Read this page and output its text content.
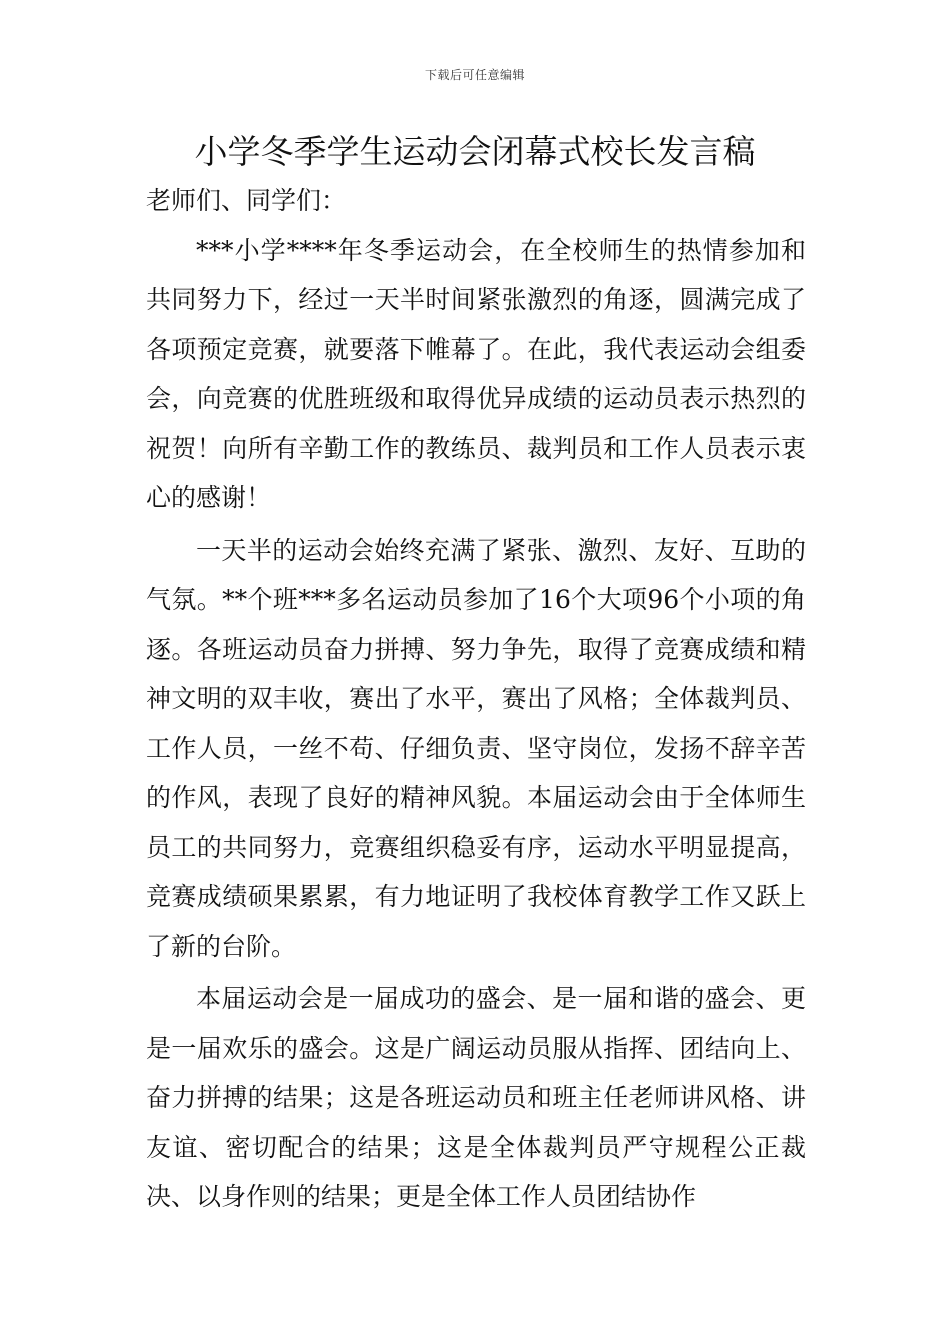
下载后可任意编辑
小学冬季学生运动会闭幕式校长发言稿

老师们、同学们：

***小学****年冬季运动会，在全校师生的热情参加和共同努力下，经过一天半时间紧张激烈的角逐，圆满完成了各项预定竞赛，就要落下帷幕了。在此，我代表运动会组委会，向竞赛的优胜班级和取得优异成绩的运动员表示热烈的祝贺！向所有辛勤工作的教练员、裁判员和工作人员表示衷心的感谢！

一天半的运动会始终充满了紧张、激烈、友好、互助的气氛。**个班***多名运动员参加了16个大项96个小项的角逐。各班运动员奋力拼搏、努力争先，取得了竞赛成绩和精神文明的双丰收，赛出了水平，赛出了风格；全体裁判员、工作人员，一丝不苟、仔细负责、坚守岗位，发扬不辞辛苦的作风，表现了良好的精神风貌。本届运动会由于全体师生员工的共同努力，竞赛组织稳妥有序，运动水平明显提高，竞赛成绩硕果累累，有力地证明了我校体育教学工作又跃上了新的台阶。

本届运动会是一届成功的盛会、是一届和谐的盛会、更是一届欢乐的盛会。这是广阔运动员服从指挥、团结向上、奋力拼搏的结果；这是各班运动员和班主任老师讲风格、讲友谊、密切配合的结果；这是全体裁判员严守规程公正裁决、以身作则的结果；更是全体工作人员团结协作
